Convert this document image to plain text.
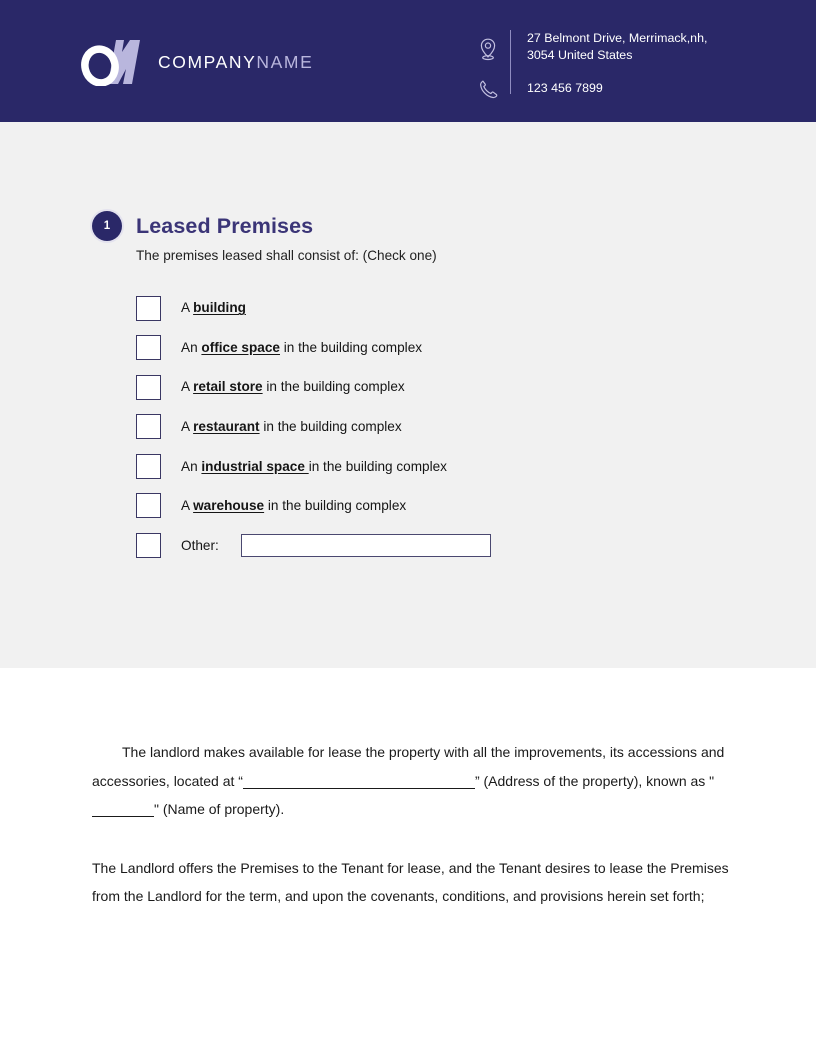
COMPANYNAME
27 Belmont Drive, Merrimack,nh,
3054 United States
123 456 7899
1	Leased Premises
The premises leased shall consist of: (Check one)
A building
An office space in the building complex
A retail store in the building complex
A restaurant in the building complex
An industrial space in the building complex
A warehouse in the building complex
Other:

The landlord makes available for lease the property with all the improvements, its accessions and accessories, located at “	” (Address of the property), known as "" (Name of property).

The Landlord offers the Premises to the Tenant for lease, and the Tenant desires to lease the Premises from the Landlord for the term, and upon the covenants, conditions, and provisions herein set forth;
